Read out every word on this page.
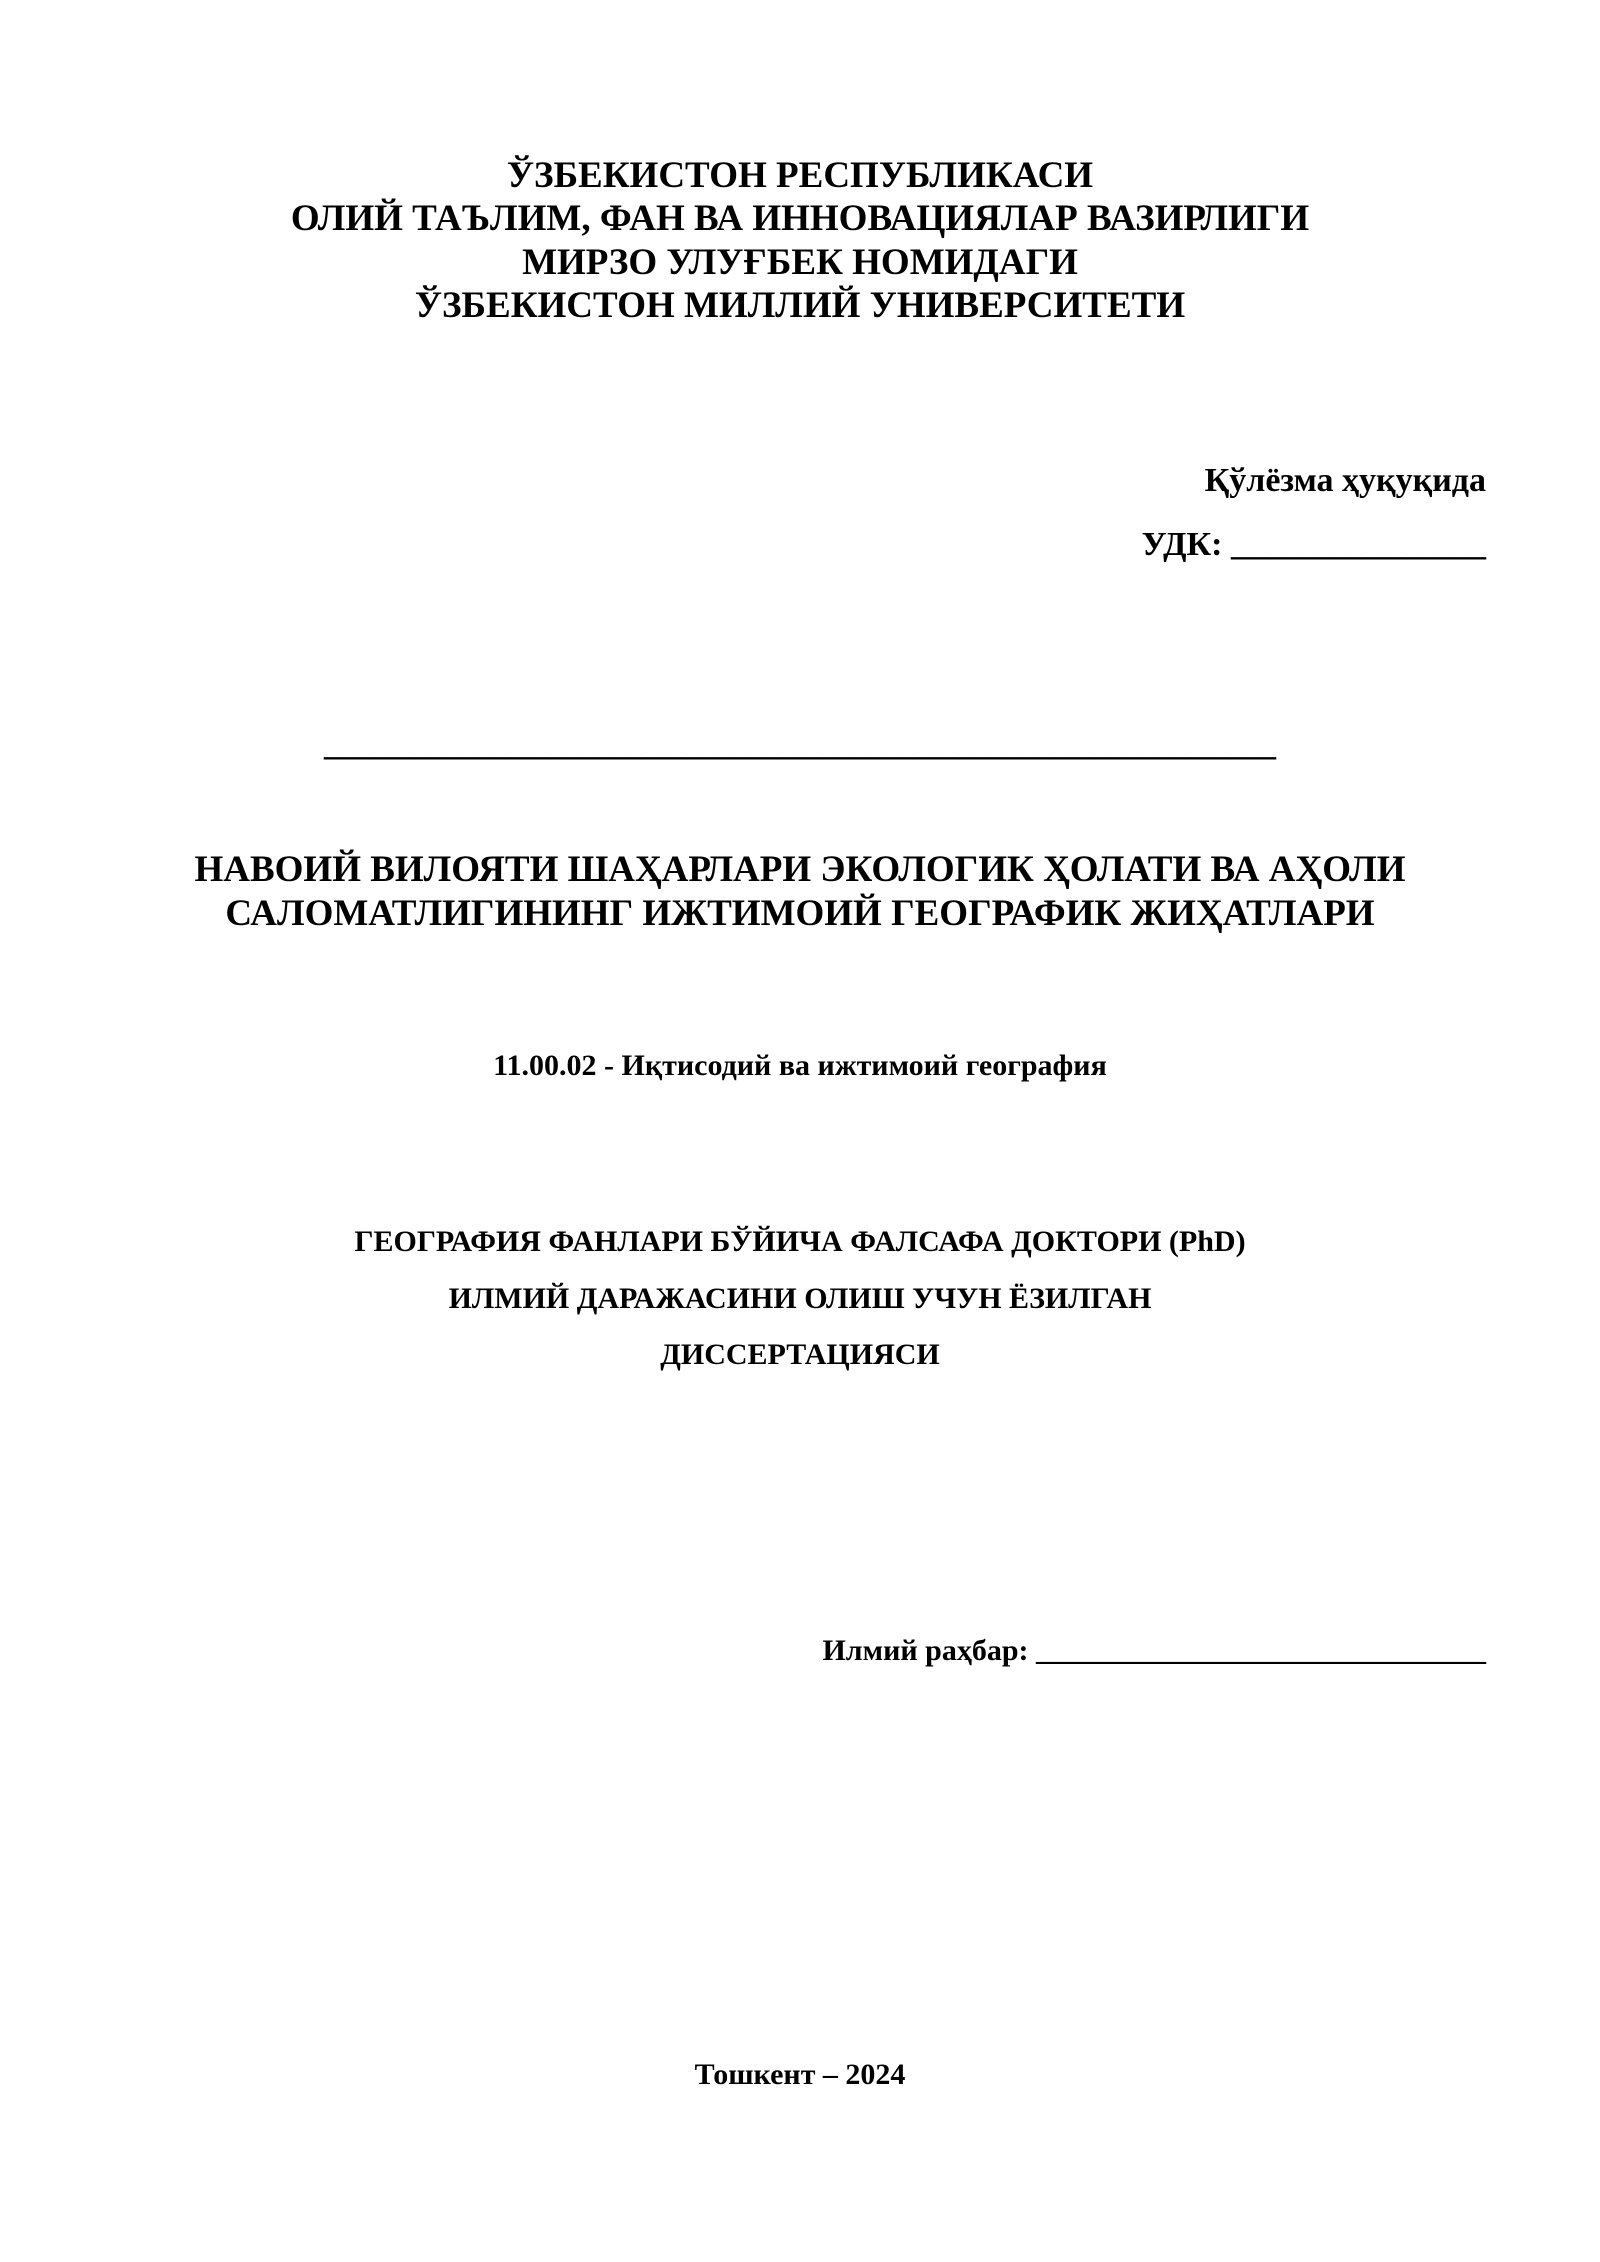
ЎЗБЕКИСТОН РЕСПУБЛИКАСИ

ОЛИЙ ТАЪЛИМ, ФАН ВА ИННОВАЦИЯЛАР ВАЗИРЛИГИ

МИРЗО УЛУҒБЕК НОМИДАГИ

ЎЗБЕКИСТОН МИЛЛИЙ УНИВЕРСИТЕТИ

Қўлёзма ҳуқуқида

УДК: _______________

________________________________________________________

НАВОИЙ ВИЛОЯТИ ШАҲАРЛАРИ ЭКОЛОГИК ҲОЛАТИ ВА АҲОЛИ

САЛОМАТЛИГИНИНГ ИЖТИМОИЙ ГЕОГРАФИК ЖИҲАТЛАРИ

11.00.02 - Иқтисодий ва ижтимоий география

ГЕОГРАФИЯ ФАНЛАРИ БЎЙИЧА ФАЛСАФА ДОКТОРИ (PhD)

ИЛМИЙ ДАРАЖАСИНИ ОЛИШ УЧУН ЁЗИЛГАН

ДИССЕРТАЦИЯСИ

Илмий раҳбар: ______________________________

Тошкент – 2024
